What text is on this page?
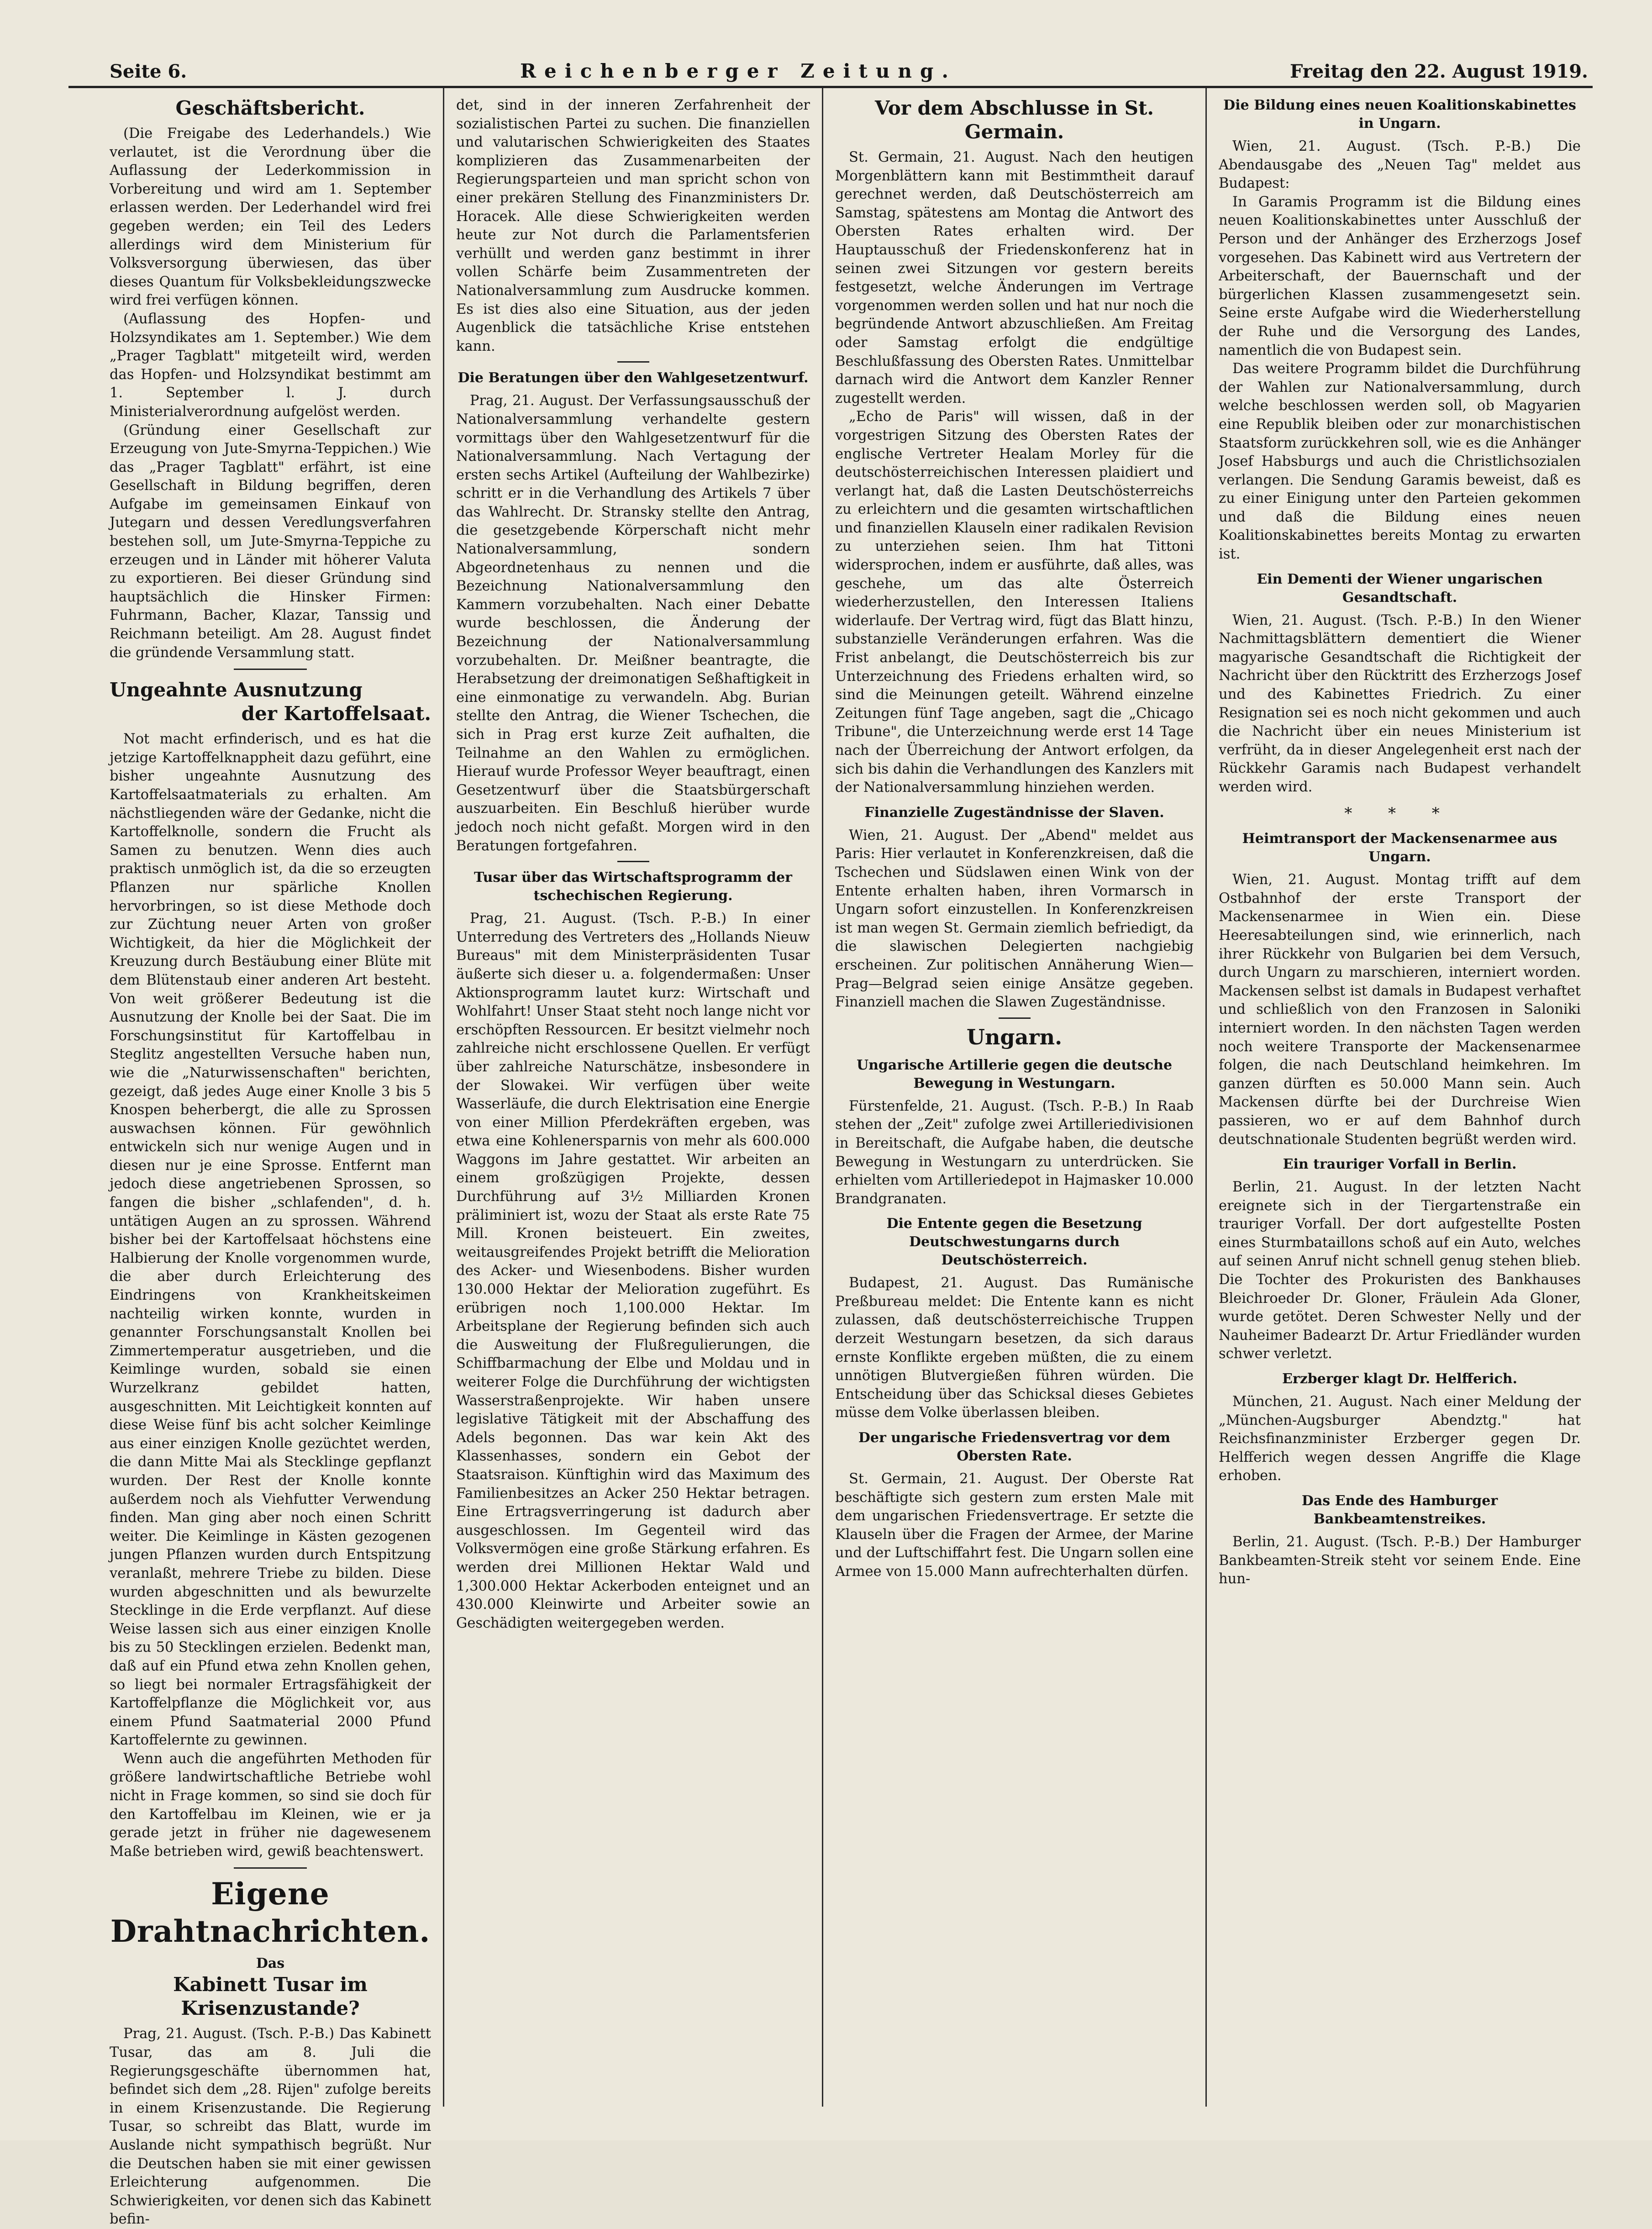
Seite 6.	Reichenberger Zeitung.	Freitag den 22. August 1919.
Geschäftsbericht.

(Die Freigabe des Lederhandels.) Wie verlautet, ist die Verordnung über die Auflassung der Lederkommission in Vorbereitung und wird am 1. September erlassen werden. Der Lederhandel wird frei gegeben werden; ein Teil des Leders allerdings wird dem Ministerium für Volksversorgung überwiesen, das über dieses Quantum für Volksbekleidungszwecke wird frei verfügen können.

(Auflassung des Hopfen- und Holzsyndikates am 1. September.) Wie dem „Prager Tagblatt" mitgeteilt wird, werden das Hopfen- und Holzsyndikat bestimmt am 1. September l. J. durch Ministerialverordnung aufgelöst werden.

(Gründung einer Gesellschaft zur Erzeugung von Jute-Smyrna-Teppichen.) Wie das „Prager Tagblatt" erfährt, ist eine Gesellschaft in Bildung begriffen, deren Aufgabe im gemeinsamen Einkauf von Jutegarn und dessen Veredlungsverfahren bestehen soll, um Jute-Smyrna-Teppiche zu erzeugen und in Länder mit höherer Valuta zu exportieren. Bei dieser Gründung sind hauptsächlich die Hinsker Firmen: Fuhrmann, Bacher, Klazar, Tanssig und Reichmann beteiligt. Am 28. August findet die gründende Versammlung statt.

Ungeahnte Ausnutzung
der Kartoffelsaat.

Not macht erfinderisch, und es hat die jetzige Kartoffelknappheit dazu geführt, eine bisher ungeahnte Ausnutzung des Kartoffelsaatmaterials zu erhalten. Am nächstliegenden wäre der Gedanke, nicht die Kartoffelknolle, sondern die Frucht als Samen zu benutzen. Wenn dies auch praktisch unmöglich ist, da die so erzeugten Pflanzen nur spärliche Knollen hervorbringen, so ist diese Methode doch zur Züchtung neuer Arten von großer Wichtigkeit, da hier die Möglichkeit der Kreuzung durch Bestäubung einer Blüte mit dem Blütenstaub einer anderen Art besteht. Von weit größerer Bedeutung ist die Ausnutzung der Knolle bei der Saat. Die im Forschungsinstitut für Kartoffelbau in Steglitz angestellten Versuche haben nun, wie die „Naturwissenschaften" berichten, gezeigt, daß jedes Auge einer Knolle 3 bis 5 Knospen beherbergt, die alle zu Sprossen auswachsen können. Für gewöhnlich entwickeln sich nur wenige Augen und in diesen nur je eine Sprosse. Entfernt man jedoch diese angetriebenen Sprossen, so fangen die bisher „schlafenden", d. h. untätigen Augen an zu sprossen. Während bisher bei der Kartoffelsaat höchstens eine Halbierung der Knolle vorgenommen wurde, die aber durch Erleichterung des Eindringens von Krankheitskeimen nachteilig wirken konnte, wurden in genannter Forschungsanstalt Knollen bei Zimmertemperatur ausgetrieben, und die Keimlinge wurden, sobald sie einen Wurzelkranz gebildet hatten, ausgeschnitten. Mit Leichtigkeit konnten auf diese Weise fünf bis acht solcher Keimlinge aus einer einzigen Knolle gezüchtet werden, die dann Mitte Mai als Stecklinge gepflanzt wurden. Der Rest der Knolle konnte außerdem noch als Viehfutter Verwendung finden. Man ging aber noch einen Schritt weiter. Die Keimlinge in Kästen gezogenen jungen Pflanzen wurden durch Entspitzung veranlaßt, mehrere Triebe zu bilden. Diese wurden abgeschnitten und als bewurzelte Stecklinge in die Erde verpflanzt. Auf diese Weise lassen sich aus einer einzigen Knolle bis zu 50 Stecklingen erzielen. Bedenkt man, daß auf ein Pfund etwa zehn Knollen gehen, so liegt bei normaler Ertragsfähigkeit der Kartoffelpflanze die Möglichkeit vor, aus einem Pfund Saatmaterial 2000 Pfund Kartoffelernte zu gewinnen.

Wenn auch die angeführten Methoden für größere landwirtschaftliche Betriebe wohl nicht in Frage kommen, so sind sie doch für den Kartoffelbau im Kleinen, wie er ja gerade jetzt in früher nie dagewesenem Maße betrieben wird, gewiß beachtenswert.

Eigene Drahtnachrichten.
Das
Kabinett Tusar im Krisenzustande?

Prag, 21. August. (Tsch. P.-B.) Das Kabinett Tusar, das am 8. Juli die Regierungsgeschäfte übernommen hat, befindet sich dem „28. Rijen" zufolge bereits in einem Krisenzustande. Die Regierung Tusar, so schreibt das Blatt, wurde im Auslande nicht sympathisch begrüßt. Nur die Deutschen haben sie mit einer gewissen Erleichterung aufgenommen. Die Schwierigkeiten, vor denen sich das Kabinett befin-

det, sind in der inneren Zerfahrenheit der sozialistischen Partei zu suchen. Die finanziellen und valutarischen Schwierigkeiten des Staates komplizieren das Zusammenarbeiten der Regierungsparteien und man spricht schon von einer prekären Stellung des Finanzministers Dr. Horacek. Alle diese Schwierigkeiten werden heute zur Not durch die Parlamentsferien verhüllt und werden ganz bestimmt in ihrer vollen Schärfe beim Zusammentreten der Nationalversammlung zum Ausdrucke kommen. Es ist dies also eine Situation, aus der jeden Augenblick die tatsächliche Krise entstehen kann.

Die Beratungen über den Wahlgesetzentwurf.

Prag, 21. August. Der Verfassungsausschuß der Nationalversammlung verhandelte gestern vormittags über den Wahlgesetzentwurf für die Nationalversammlung. Nach Vertagung der ersten sechs Artikel (Aufteilung der Wahlbezirke) schritt er in die Verhandlung des Artikels 7 über das Wahlrecht. Dr. Stransky stellte den Antrag, die gesetzgebende Körperschaft nicht mehr Nationalversammlung, sondern Abgeordnetenhaus zu nennen und die Bezeichnung Nationalversammlung den Kammern vorzubehalten. Nach einer Debatte wurde beschlossen, die Änderung der Bezeichnung der Nationalversammlung vorzubehalten. Dr. Meißner beantragte, die Herabsetzung der dreimonatigen Seßhaftigkeit in eine einmonatige zu verwandeln. Abg. Burian stellte den Antrag, die Wiener Tschechen, die sich in Prag erst kurze Zeit aufhalten, die Teilnahme an den Wahlen zu ermöglichen. Hierauf wurde Professor Weyer beauftragt, einen Gesetzentwurf über die Staatsbürgerschaft auszuarbeiten. Ein Beschluß hierüber wurde jedoch noch nicht gefaßt. Morgen wird in den Beratungen fortgefahren.

Tusar über das Wirtschaftsprogramm der tschechischen Regierung.

Prag, 21. August. (Tsch. P.-B.) In einer Unterredung des Vertreters des „Hollands Nieuw Bureaus" mit dem Ministerpräsidenten Tusar äußerte sich dieser u. a. folgendermaßen: Unser Aktionsprogramm lautet kurz: Wirtschaft und Wohlfahrt! Unser Staat steht noch lange nicht vor erschöpften Ressourcen. Er besitzt vielmehr noch zahlreiche nicht erschlossene Quellen. Er verfügt über zahlreiche Naturschätze, insbesondere in der Slowakei. Wir verfügen über weite Wasserläufe, die durch Elektrisation eine Energie von einer Million Pferdekräften ergeben, was etwa eine Kohlenersparnis von mehr als 600.000 Waggons im Jahre gestattet. Wir arbeiten an einem großzügigen Projekte, dessen Durchführung auf 3½ Milliarden Kronen präliminiert ist, wozu der Staat als erste Rate 75 Mill. Kronen beisteuert. Ein zweites, weitausgreifendes Projekt betrifft die Melioration des Acker- und Wiesenbodens. Bisher wurden 130.000 Hektar der Melioration zugeführt. Es erübrigen noch 1,100.000 Hektar. Im Arbeitsplane der Regierung befinden sich auch die Ausweitung der Flußregulierungen, die Schiffbarmachung der Elbe und Moldau und in weiterer Folge die Durchführung der wichtigsten Wasserstraßenprojekte. Wir haben unsere legislative Tätigkeit mit der Abschaffung des Adels begonnen. Das war kein Akt des Klassenhasses, sondern ein Gebot der Staatsraison. Künftighin wird das Maximum des Familienbesitzes an Acker 250 Hektar betragen. Eine Ertragsverringerung ist dadurch aber ausgeschlossen. Im Gegenteil wird das Volksvermögen eine große Stärkung erfahren. Es werden drei Millionen Hektar Wald und 1,300.000 Hektar Ackerboden enteignet und an 430.000 Kleinwirte und Arbeiter sowie an Geschädigten weitergegeben werden.

Vor dem Abschlusse in St. Germain.

St. Germain, 21. August. Nach den heutigen Morgenblättern kann mit Bestimmtheit darauf gerechnet werden, daß Deutschösterreich am Samstag, spätestens am Montag die Antwort des Obersten Rates erhalten wird. Der Hauptausschuß der Friedenskonferenz hat in seinen zwei Sitzungen vor gestern bereits festgesetzt, welche Änderungen im Vertrage vorgenommen werden sollen und hat nur noch die begründende Antwort abzuschließen. Am Freitag oder Samstag erfolgt die endgültige Beschlußfassung des Obersten Rates. Unmittelbar darnach wird die Antwort dem Kanzler Renner zugestellt werden.

„Echo de Paris" will wissen, daß in der vorgestrigen Sitzung des Obersten Rates der englische Vertreter Healam Morley für die deutschösterreichischen Interessen plaidiert und verlangt hat, daß die Lasten Deutschösterreichs zu erleichtern und die gesamten wirtschaftlichen und finanziellen Klauseln einer radikalen Revision zu unterziehen seien. Ihm hat Tittoni widersprochen, indem er ausführte, daß alles, was geschehe, um das alte Österreich wiederherzustellen, den Interessen Italiens widerlaufe. Der Vertrag wird, fügt das Blatt hinzu, substanzielle Veränderungen erfahren. Was die Frist anbelangt, die Deutschösterreich bis zur Unterzeichnung des Friedens erhalten wird, so sind die Meinungen geteilt. Während einzelne Zeitungen fünf Tage angeben, sagt die „Chicago Tribune", die Unterzeichnung werde erst 14 Tage nach der Überreichung der Antwort erfolgen, da sich bis dahin die Verhandlungen des Kanzlers mit der Nationalversammlung hinziehen werden.

Finanzielle Zugeständnisse der Slaven.

Wien, 21. August. Der „Abend" meldet aus Paris: Hier verlautet in Konferenzkreisen, daß die Tschechen und Südslawen einen Wink von der Entente erhalten haben, ihren Vormarsch in Ungarn sofort einzustellen. In Konferenzkreisen ist man wegen St. Germain ziemlich befriedigt, da die slawischen Delegierten nachgiebig erscheinen. Zur politischen Annäherung Wien—Prag—Belgrad seien einige Ansätze gegeben. Finanziell machen die Slawen Zugeständnisse.

Ungarn.
Ungarische Artillerie gegen die deutsche Bewegung in Westungarn.

Fürstenfelde, 21. August. (Tsch. P.-B.) In Raab stehen der „Zeit" zufolge zwei Artilleriedivisionen in Bereitschaft, die Aufgabe haben, die deutsche Bewegung in Westungarn zu unterdrücken. Sie erhielten vom Artilleriedepot in Hajmasker 10.000 Brandgranaten.

Die Entente gegen die Besetzung Deutschwestungarns durch Deutschösterreich.

Budapest, 21. August. Das Rumänische Preßbureau meldet: Die Entente kann es nicht zulassen, daß deutschösterreichische Truppen derzeit Westungarn besetzen, da sich daraus ernste Konflikte ergeben müßten, die zu einem unnötigen Blutvergießen führen würden. Die Entscheidung über das Schicksal dieses Gebietes müsse dem Volke überlassen bleiben.

Der ungarische Friedensvertrag vor dem Obersten Rate.

St. Germain, 21. August. Der Oberste Rat beschäftigte sich gestern zum ersten Male mit dem ungarischen Friedensvertrage. Er setzte die Klauseln über die Fragen der Armee, der Marine und der Luftschiffahrt fest. Die Ungarn sollen eine Armee von 15.000 Mann aufrechterhalten dürfen.

Die Bildung eines neuen Koalitionskabinettes in Ungarn.

Wien, 21. August. (Tsch. P.-B.) Die Abendausgabe des „Neuen Tag" meldet aus Budapest:

In Garamis Programm ist die Bildung eines neuen Koalitionskabinettes unter Ausschluß der Person und der Anhänger des Erzherzogs Josef vorgesehen. Das Kabinett wird aus Vertretern der Arbeiterschaft, der Bauernschaft und der bürgerlichen Klassen zusammengesetzt sein. Seine erste Aufgabe wird die Wiederherstellung der Ruhe und die Versorgung des Landes, namentlich die von Budapest sein.

Das weitere Programm bildet die Durchführung der Wahlen zur Nationalversammlung, durch welche beschlossen werden soll, ob Magyarien eine Republik bleiben oder zur monarchistischen Staatsform zurückkehren soll, wie es die Anhänger Josef Habsburgs und auch die Christlichsozialen verlangen. Die Sendung Garamis beweist, daß es zu einer Einigung unter den Parteien gekommen und daß die Bildung eines neuen Koalitionskabinettes bereits Montag zu erwarten ist.

Ein Dementi der Wiener ungarischen Gesandtschaft.

Wien, 21. August. (Tsch. P.-B.) In den Wiener Nachmittagsblättern dementiert die Wiener magyarische Gesandtschaft die Richtigkeit der Nachricht über den Rücktritt des Erzherzogs Josef und des Kabinettes Friedrich. Zu einer Resignation sei es noch nicht gekommen und auch die Nachricht über ein neues Ministerium ist verfrüht, da in dieser Angelegenheit erst nach der Rückkehr Garamis nach Budapest verhandelt werden wird.

* * *
Heimtransport der Mackensenarmee aus Ungarn.

Wien, 21. August. Montag trifft auf dem Ostbahnhof der erste Transport der Mackensenarmee in Wien ein. Diese Heeresabteilungen sind, wie erinnerlich, nach ihrer Rückkehr von Bulgarien bei dem Versuch, durch Ungarn zu marschieren, interniert worden. Mackensen selbst ist damals in Budapest verhaftet und schließlich von den Franzosen in Saloniki interniert worden. In den nächsten Tagen werden noch weitere Transporte der Mackensenarmee folgen, die nach Deutschland heimkehren. Im ganzen dürften es 50.000 Mann sein. Auch Mackensen dürfte bei der Durchreise Wien passieren, wo er auf dem Bahnhof durch deutschnationale Studenten begrüßt werden wird.

Ein trauriger Vorfall in Berlin.

Berlin, 21. August. In der letzten Nacht ereignete sich in der Tiergartenstraße ein trauriger Vorfall. Der dort aufgestellte Posten eines Sturmbataillons schoß auf ein Auto, welches auf seinen Anruf nicht schnell genug stehen blieb. Die Tochter des Prokuristen des Bankhauses Bleichroeder Dr. Gloner, Fräulein Ada Gloner, wurde getötet. Deren Schwester Nelly und der Nauheimer Badearzt Dr. Artur Friedländer wurden schwer verletzt.

Erzberger klagt Dr. Helfferich.

München, 21. August. Nach einer Meldung der „München-Augsburger Abendztg." hat Reichsfinanzminister Erzberger gegen Dr. Helfferich wegen dessen Angriffe die Klage erhoben.

Das Ende des Hamburger Bankbeamtenstreikes.

Berlin, 21. August. (Tsch. P.-B.) Der Hamburger Bankbeamten-Streik steht vor seinem Ende. Eine hun-
